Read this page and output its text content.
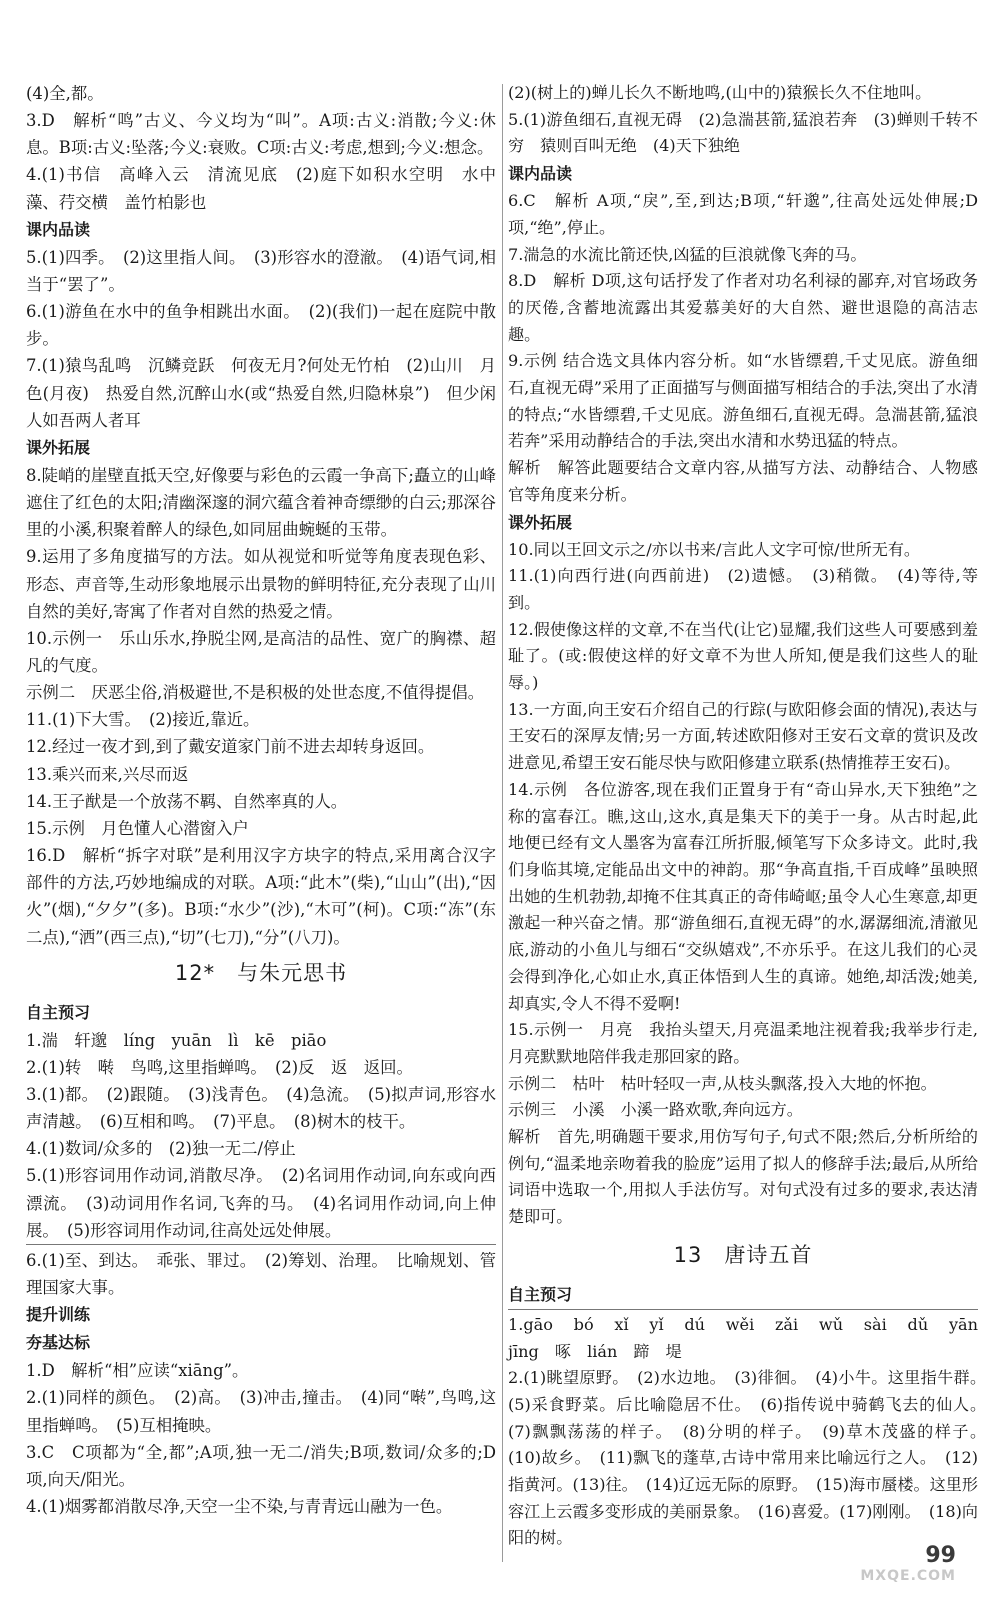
(4)全,都。

3.D　解析“鸣”古义、今义均为“叫”。A项:古义:消散;今义:休息。B项:古义:坠落;今义:衰败。C项:古义:考虑,想到;今义:想念。

4.(1)书信　高峰入云　清流见底　(2)庭下如积水空明　水中藻、荇交横　盖竹柏影也

课内品读

5.(1)四季。　(2)这里指人间。　(3)形容水的澄澈。　(4)语气词,相当于“罢了”。

6.(1)游鱼在水中的鱼争相跳出水面。　(2)(我们)一起在庭院中散步。

7.(1)猿鸟乱鸣　沉鳞竞跃　何夜无月?何处无竹柏　(2)山川　月色(月夜)　热爱自然,沉醉山水(或“热爱自然,归隐林泉”)　但少闲人如吾两人者耳

课外拓展

8.陡峭的崖壁直抵天空,好像要与彩色的云霞一争高下;矗立的山峰遮住了红色的太阳;清幽深邃的洞穴蕴含着神奇缥缈的白云;那深谷里的小溪,积聚着醉人的绿色,如同屈曲蜿蜒的玉带。

9.运用了多角度描写的方法。如从视觉和听觉等角度表现色彩、形态、声音等,生动形象地展示出景物的鲜明特征,充分表现了山川自然的美好,寄寓了作者对自然的热爱之情。

10.示例一　乐山乐水,挣脱尘网,是高洁的品性、宽广的胸襟、超凡的气度。

示例二　厌恶尘俗,消极避世,不是积极的处世态度,不值得提倡。

11.(1)下大雪。　(2)接近,靠近。

12.经过一夜才到,到了戴安道家门前不进去却转身返回。

13.乘兴而来,兴尽而返

14.王子猷是一个放荡不羁、自然率真的人。

15.示例　月色懂人心潜窗入户

16.D　解析“拆字对联”是利用汉字方块字的特点,采用离合汉字部件的方法,巧妙地编成的对联。A项:“此木”(柴),“山山”(出),“因火”(烟),“夕夕”(多)。B项:“水少”(沙),“木可”(柯)。C项:“冻”(东二点),“洒”(西三点),“切”(七刀),“分”(八刀)。

12*　与朱元思书
自主预习

1.湍　轩邈　líng　yuān　lì　kē　piāo

2.(1)转　啭　鸟鸣,这里指蝉鸣。　(2)反　返　返回。

3.(1)都。　(2)跟随。　(3)浅青色。　(4)急流。　(5)拟声词,形容水声清越。　(6)互相和鸣。　(7)平息。　(8)树木的枝干。

4.(1)数词/众多的　(2)独一无二/停止

5.(1)形容词用作动词,消散尽净。　(2)名词用作动词,向东或向西漂流。　(3)动词用作名词,飞奔的马。　(4)名词用作动词,向上伸展。　(5)形容词用作动词,往高处远处伸展。

6.(1)至、到达。　乖张、罪过。　(2)筹划、治理。　比喻规划、管理国家大事。

提升训练
夯基达标

1.D　解析“相”应读“xiāng”。

2.(1)同样的颜色。　(2)高。　(3)冲击,撞击。　(4)同“啭”,鸟鸣,这里指蝉鸣。　(5)互相掩映。

3.C　C项都为“全,都”;A项,独一无二/消失;B项,数词/众多的;D项,向天/阳光。

4.(1)烟雾都消散尽净,天空一尘不染,与青青远山融为一色。

(2)(树上的)蝉儿长久不断地鸣,(山中的)猿猴长久不住地叫。

5.(1)游鱼细石,直视无碍　(2)急湍甚箭,猛浪若奔　(3)蝉则千转不穷　猿则百叫无绝　(4)天下独绝

课内品读

6.C　解析 A项,“戾”,至,到达;B项,“轩邈”,往高处远处伸展;D项,“绝”,停止。

7.湍急的水流比箭还快,凶猛的巨浪就像飞奔的马。

8.D　解析 D项,这句话抒发了作者对功名利禄的鄙弃,对官场政务的厌倦,含蓄地流露出其爱慕美好的大自然、避世退隐的高洁志趣。

9.示例 结合选文具体内容分析。如“水皆缥碧,千丈见底。游鱼细石,直视无碍”采用了正面描写与侧面描写相结合的手法,突出了水清的特点;“水皆缥碧,千丈见底。游鱼细石,直视无碍。急湍甚箭,猛浪若奔”采用动静结合的手法,突出水清和水势迅猛的特点。

解析　解答此题要结合文章内容,从描写方法、动静结合、人物感官等角度来分析。

课外拓展

10.同以王回文示之/亦以书来/言此人文字可惊/世所无有。

11.(1)向西行进(向西前进)　(2)遗憾。　(3)稍微。　(4)等待,等到。

12.假使像这样的文章,不在当代(让它)显耀,我们这些人可要感到羞耻了。(或:假使这样的好文章不为世人所知,便是我们这些人的耻辱。)

13.一方面,向王安石介绍自己的行踪(与欧阳修会面的情况),表达与王安石的深厚友情;另一方面,转述欧阳修对王安石文章的赏识及改进意见,希望王安石能尽快与欧阳修建立联系(热情推荐王安石)。

14.示例　各位游客,现在我们正置身于有“奇山异水,天下独绝”之称的富春江。瞧,这山,这水,真是集天下的美于一身。从古时起,此地便已经有文人墨客为富春江所折服,倾笔写下众多诗文。此时,我们身临其境,定能品出文中的神韵。那“争高直指,千百成峰”虽映照出她的生机勃勃,却掩不住其真正的奇伟崎岖;虽令人心生寒意,却更激起一种兴奋之情。那“游鱼细石,直视无碍”的水,潺潺细流,清澈见底,游动的小鱼儿与细石“交纵嬉戏”,不亦乐乎。在这儿我们的心灵会得到净化,心如止水,真正体悟到人生的真谛。她绝,却活泼;她美,却真实,令人不得不爱啊!

15.示例一　月亮　我抬头望天,月亮温柔地注视着我;我举步行走,月亮默默地陪伴我走那回家的路。

示例二　枯叶　枯叶轻叹一声,从枝头飘落,投入大地的怀抱。

示例三　小溪　小溪一路欢歌,奔向远方。

解析　首先,明确题干要求,用仿写句子,句式不限;然后,分析所给的例句,“温柔地亲吻着我的脸庞”运用了拟人的修辞手法;最后,从所给词语中选取一个,用拟人手法仿写。对句式没有过多的要求,表达清楚即可。

13　唐诗五首
自主预习

1.gāo　bó　xǐ　yǐ　dú　wěi　zǎi　wǔ　sài　dǔ　yān　jīng　啄　lián　蹄　堤

2.(1)眺望原野。　(2)水边地。　(3)徘徊。　(4)小牛。这里指牛群。　(5)采食野菜。后比喻隐居不仕。　(6)指传说中骑鹤飞去的仙人。　(7)飘飘荡荡的样子。　(8)分明的样子。　(9)草木茂盛的样子。　(10)故乡。　(11)飘飞的蓬草,古诗中常用来比喻远行之人。　(12)指黄河。(13)往。　(14)辽远无际的原野。　(15)海市蜃楼。这里形容江上云霞多变形成的美丽景象。　(16)喜爱。(17)刚刚。　(18)向阳的树。

99
MXQE.COM
